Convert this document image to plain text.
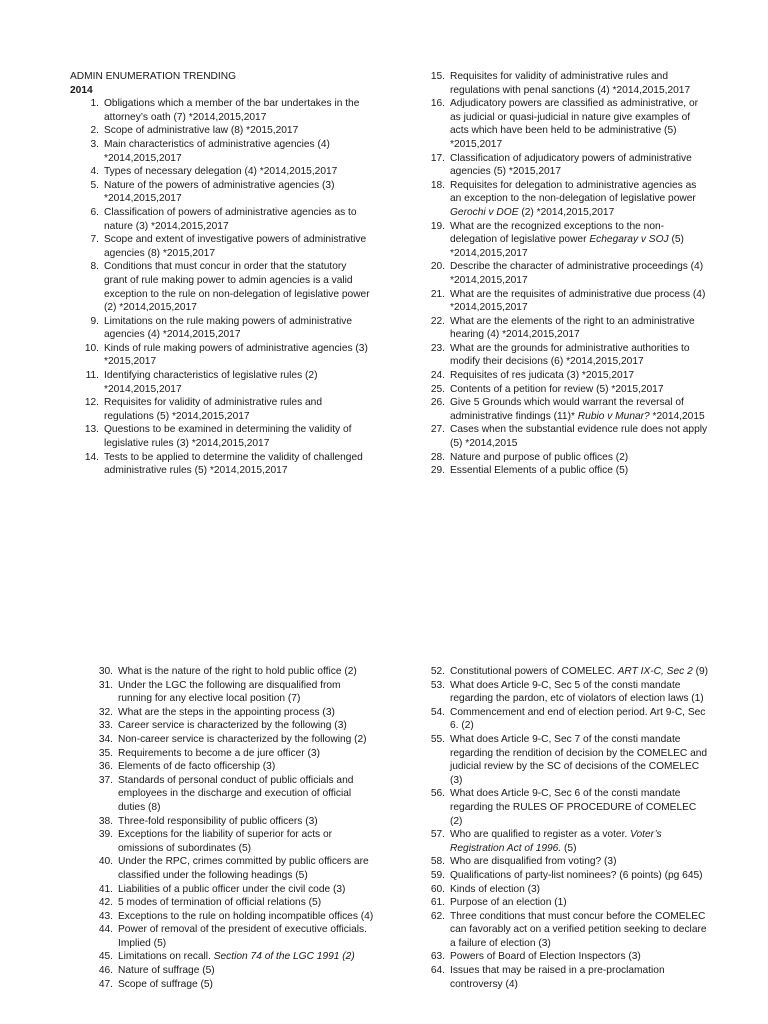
ADMIN ENUMERATION TRENDING
2014
1. Obligations which a member of the bar undertakes in the attorney’s oath (7) *2014,2015,2017
2. Scope of administrative law (8) *2015,2017
3. Main characteristics of administrative agencies (4) *2014,2015,2017
4. Types of necessary delegation (4) *2014,2015,2017
5. Nature of the powers of administrative agencies (3) *2014,2015,2017
6. Classification of powers of administrative agencies as to nature (3) *2014,2015,2017
7. Scope and extent of investigative powers of administrative agencies (8) *2015,2017
8. Conditions that must concur in order that the statutory grant of rule making power to admin agencies is a valid exception to the rule on non-delegation of legislative power (2) *2014,2015,2017
9. Limitations on the rule making powers of administrative agencies (4) *2014,2015,2017
10. Kinds of rule making powers of administrative agencies (3) *2015,2017
11. Identifying characteristics of legislative rules (2) *2014,2015,2017
12. Requisites for validity of administrative rules and regulations (5) *2014,2015,2017
13. Questions to be examined in determining the validity of legislative rules (3) *2014,2015,2017
14. Tests to be applied to determine the validity of challenged administrative rules (5) *2014,2015,2017
15. Requisites for validity of administrative rules and regulations with penal sanctions (4) *2014,2015,2017
16. Adjudicatory powers are classified as administrative, or as judicial or quasi-judicial in nature give examples of acts which have been held to be administrative (5) *2015,2017
17. Classification of adjudicatory powers of administrative agencies (5) *2015,2017
18. Requisites for delegation to administrative agencies as an exception to the non-delegation of legislative power Gerochi v DOE (2) *2014,2015,2017
19. What are the recognized exceptions to the non-delegation of legislative power Echegaray v SOJ (5) *2014,2015,2017
20. Describe the character of administrative proceedings (4) *2014,2015,2017
21. What are the requisites of administrative due process (4) *2014,2015,2017
22. What are the elements of the right to an administrative hearing (4) *2014,2015,2017
23. What are the grounds for administrative authorities to modify their decisions (6) *2014,2015,2017
24. Requisites of res judicata (3) *2015,2017
25. Contents of a petition for review (5) *2015,2017
26. Give 5 Grounds which would warrant the reversal of administrative findings (11)* Rubio v Munar? *2014,2015
27. Cases when the substantial evidence rule does not apply (5) *2014,2015
28. Nature and purpose of public offices (2)
29. Essential Elements of a public office (5)
30. What is the nature of the right to hold public office (2)
31. Under the LGC the following are disqualified from running for any elective local position (7)
32. What are the steps in the appointing process (3)
33. Career service is characterized by the following (3)
34. Non-career service is characterized by the following (2)
35. Requirements to become a de jure officer (3)
36. Elements of de facto officership (3)
37. Standards of personal conduct of public officials and employees in the discharge and execution of official duties (8)
38. Three-fold responsibility of public officers (3)
39. Exceptions for the liability of superior for acts or omissions of subordinates (5)
40. Under the RPC, crimes committed by public officers are classified under the following headings (5)
41. Liabilities of a public officer under the civil code (3)
42. 5 modes of termination of official relations (5)
43. Exceptions to the rule on holding incompatible offices (4)
44. Power of removal of the president of executive officials. Implied (5)
45. Limitations on recall. Section 74 of the LGC 1991 (2)
46. Nature of suffrage (5)
47. Scope of suffrage (5)
52. Constitutional powers of COMELEC. ART IX-C, Sec 2 (9)
53. What does Article 9-C, Sec 5 of the consti mandate regarding the pardon, etc of violators of election laws (1)
54. Commencement and end of election period. Art 9-C, Sec 6. (2)
55. What does Article 9-C, Sec 7 of the consti mandate regarding the rendition of decision by the COMELEC and judicial review by the SC of decisions of the COMELEC (3)
56. What does Article 9-C, Sec 6 of the consti mandate regarding the RULES OF PROCEDURE of COMELEC (2)
57. Who are qualified to register as a voter. Voter’s Registration Act of 1996. (5)
58. Who are disqualified from voting? (3)
59. Qualifications of party-list nominees? (6 points) (pg 645)
60. Kinds of election (3)
61. Purpose of an election (1)
62. Three conditions that must concur before the COMELEC can favorably act on a verified petition seeking to declare a failure of election (3)
63. Powers of Board of Election Inspectors (3)
64. Issues that may be raised in a pre-proclamation controversy (4)
